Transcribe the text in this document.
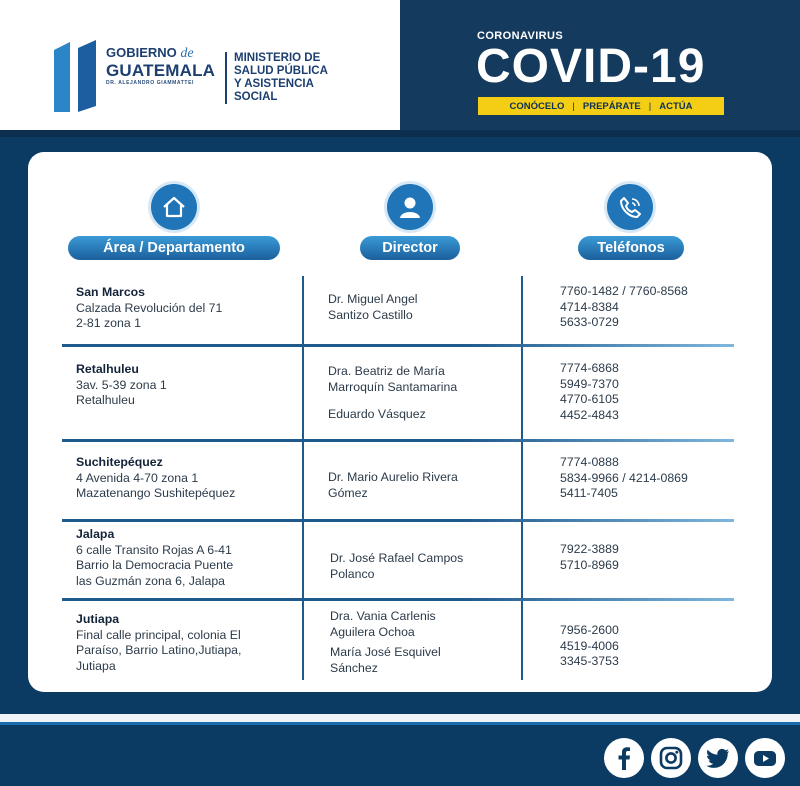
GOBIERNO de
GUATEMALA
DR. ALEJANDRO GIAMMATTEI
MINISTERIO DE
SALUD PÚBLICA
Y ASISTENCIA
SOCIAL
CORONAVIRUS
COVID-19
CONÓCELO | PREPÁRATE | ACTÚA
Área / Departamento	Director	Teléfonos
San Marcos
Calzada Revolución del 71
2-81 zona 1
Dr. Miguel Angel
Santizo Castillo
7760-1482 / 7760-8568
4714-8384
5633-0729
Retalhuleu
3av. 5-39 zona 1
Retalhuleu
Dra. Beatriz de María
Marroquín Santamarina
Eduardo Vásquez
7774-6868
5949-7370
4770-6105
4452-4843
Suchitepéquez
4 Avenida 4-70 zona 1
Mazatenango Sushitepéquez
Dr. Mario Aurelio Rivera
Gómez
7774-0888
5834-9966 / 4214-0869
5411-7405
Jalapa
6 calle Transito Rojas A 6-41
Barrio la Democracia Puente
las Guzmán zona 6, Jalapa
Dr. José Rafael Campos
Polanco
7922-3889
5710-8969
Jutiapa
Final calle principal, colonia El
Paraíso, Barrio Latino,Jutiapa,
Jutiapa
Dra. Vania Carlenis
Aguilera Ochoa
María José Esquivel
Sánchez
7956-2600
4519-4006
3345-3753
